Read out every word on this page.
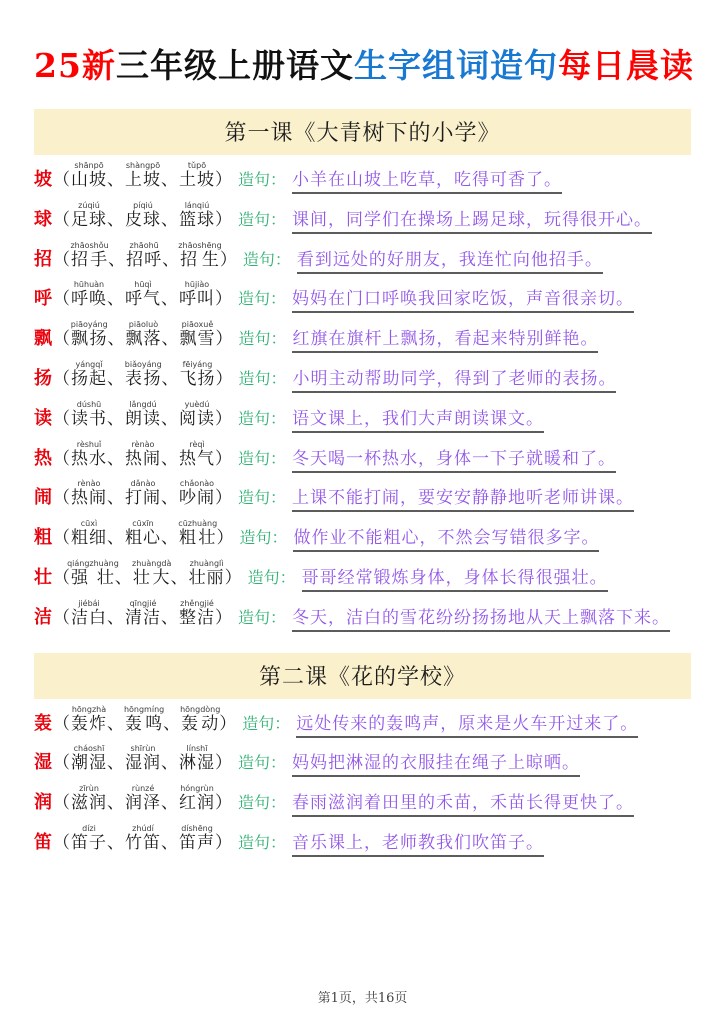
25新三年级上册语文生字组词造句每日晨读
第一课《大青树下的小学》
坡（山坡shānpō、上坡shàngpō、土坡tǔpō） 造句： 小羊在山坡上吃草，吃得可香了。
球（足球zúqiú、皮球píqiú、篮球lánqiú） 造句： 课间，同学们在操场上踢足球，玩得很开心。
招（招手zhāoshǒu、招呼zhāohū、招生zhāoshēng） 造句： 看到远处的好朋友，我连忙向他招手。
呼（呼唤hūhuàn、呼气hūqì、呼叫hūjiào） 造句： 妈妈在门口呼唤我回家吃饭，声音很亲切。
飘（飘扬piāoyáng、飘落piāoluò、飘雪piāoxuě） 造句： 红旗在旗杆上飘扬，看起来特别鲜艳。
扬（扬起yángqǐ、表扬biǎoyáng、飞扬fēiyáng） 造句： 小明主动帮助同学，得到了老师的表扬。
读（读书dúshū、朗读lǎngdú、阅读yuèdú） 造句： 语文课上，我们大声朗读课文。
热（热水rèshuǐ、热闹rènào、热气rèqì） 造句： 冬天喝一杯热水，身体一下子就暖和了。
闹（热闹rènào、打闹dǎnào、吵闹chǎonào） 造句： 上课不能打闹，要安安静静地听老师讲课。
粗（粗细cūxì、粗心cūxīn、粗壮cūzhuàng） 造句： 做作业不能粗心，不然会写错很多字。
壮（强壮qiángzhuàng、壮大zhuàngdà、壮丽zhuànglì） 造句： 哥哥经常锻炼身体，身体长得很强壮。
洁（洁白jiébái、清洁qīngjié、整洁zhěngjié） 造句： 冬天，洁白的雪花纷纷扬扬地从天上飘落下来。
第二课《花的学校》
轰（轰炸hōngzhà、轰鸣hōngmíng、轰动hōngdòng） 造句： 远处传来的轰鸣声，原来是火车开过来了。
湿（潮湿cháoshī、湿润shīrùn、淋湿línshī） 造句： 妈妈把淋湿的衣服挂在绳子上晾晒。
润（滋润zīrùn、润泽rùnzé、红润hóngrùn） 造句： 春雨滋润着田里的禾苗，禾苗长得更快了。
笛（笛子dízi、竹笛zhúdí、笛声díshēng） 造句： 音乐课上，老师教我们吹笛子。
第1页，共16页
